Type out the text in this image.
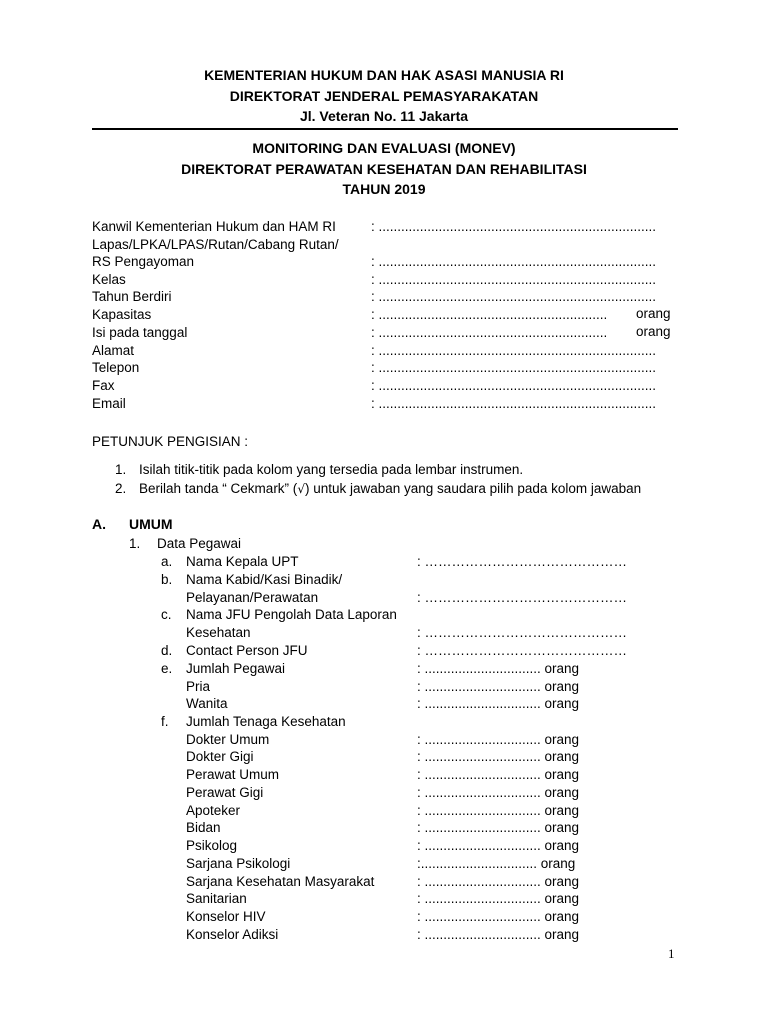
KEMENTERIAN HUKUM DAN HAK ASASI MANUSIA RI
DIREKTORAT JENDERAL PEMASYARAKATAN
Jl. Veteran No. 11 Jakarta
MONITORING DAN EVALUASI (MONEV)
DIREKTORAT PERAWATAN KESEHATAN DAN REHABILITASI
TAHUN 2019
Kanwil Kementerian Hukum dan HAM RI	: ..........................................................................
Lapas/LPKA/LPAS/Rutan/Cabang Rutan/
RS Pengayoman	: ..........................................................................
Kelas	: ..........................................................................
Tahun Berdiri	: ..........................................................................
Kapasitas	: ............................................................. orang
Isi pada tanggal	: ............................................................. orang
Alamat	: ..........................................................................
Telepon	: ..........................................................................
Fax	: ..........................................................................
Email	: ..........................................................................
PETUNJUK PENGISIAN :
1. Isilah titik-titik pada kolom yang tersedia pada lembar instrumen.
2. Berilah tanda “ Cekmark” (√) untuk jawaban yang saudara pilih pada kolom jawaban
A. UMUM
1. Data Pegawai
a. Nama Kepala UPT	: ………………………………………
b. Nama Kabid/Kasi Binadik/
Pelayanan/Perawatan	: ………………………………………
c. Nama JFU Pengolah Data Laporan
Kesehatan	: ………………………………………
d. Contact Person JFU	: ………………………………………
e. Jumlah Pegawai	: ............................... orang
Pria	: ............................... orang
Wanita	: ............................... orang
f. Jumlah Tenaga Kesehatan
Dokter Umum	: ............................... orang
Dokter Gigi	: ............................... orang
Perawat Umum	: ............................... orang
Perawat Gigi	: ............................... orang
Apoteker	: ............................... orang
Bidan	: ............................... orang
Psikolog	: ............................... orang
Sarjana Psikologi	:............................... orang
Sarjana Kesehatan Masyarakat	: ............................... orang
Sanitarian	: ............................... orang
Konselor HIV	: ............................... orang
Konselor Adiksi	: ............................... orang
1
